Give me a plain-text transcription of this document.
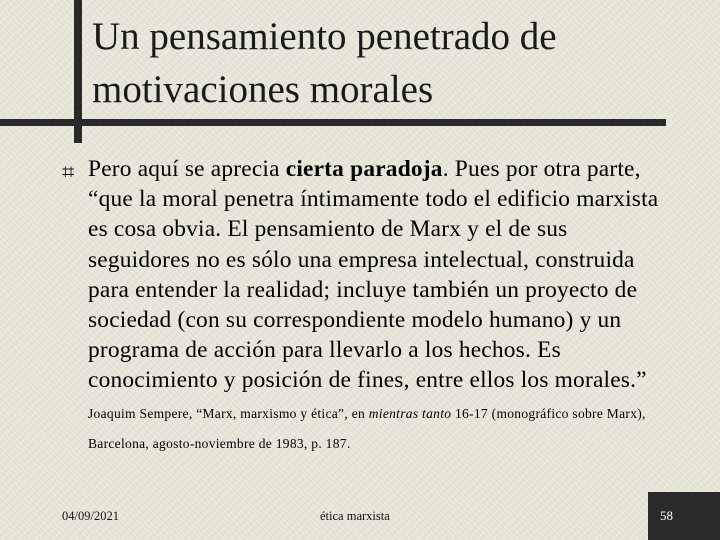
Un pensamiento penetrado de motivaciones morales
⌗ Pero aquí se aprecia cierta paradoja. Pues por otra parte, “que la moral penetra íntimamente todo el edificio marxista es cosa obvia. El pensamiento de Marx y el de sus seguidores no es sólo una empresa intelectual, construida para entender la realidad; incluye también un proyecto de sociedad (con su correspondiente modelo humano) y un programa de acción para llevarlo a los hechos. Es conocimiento y posición de fines, entre ellos los morales.” Joaquim Sempere, “Marx, marxismo y ética”, en mientras tanto 16-17 (monográfico sobre Marx), Barcelona, agosto-noviembre de 1983, p. 187.
04/09/2021	ética marxista	58
